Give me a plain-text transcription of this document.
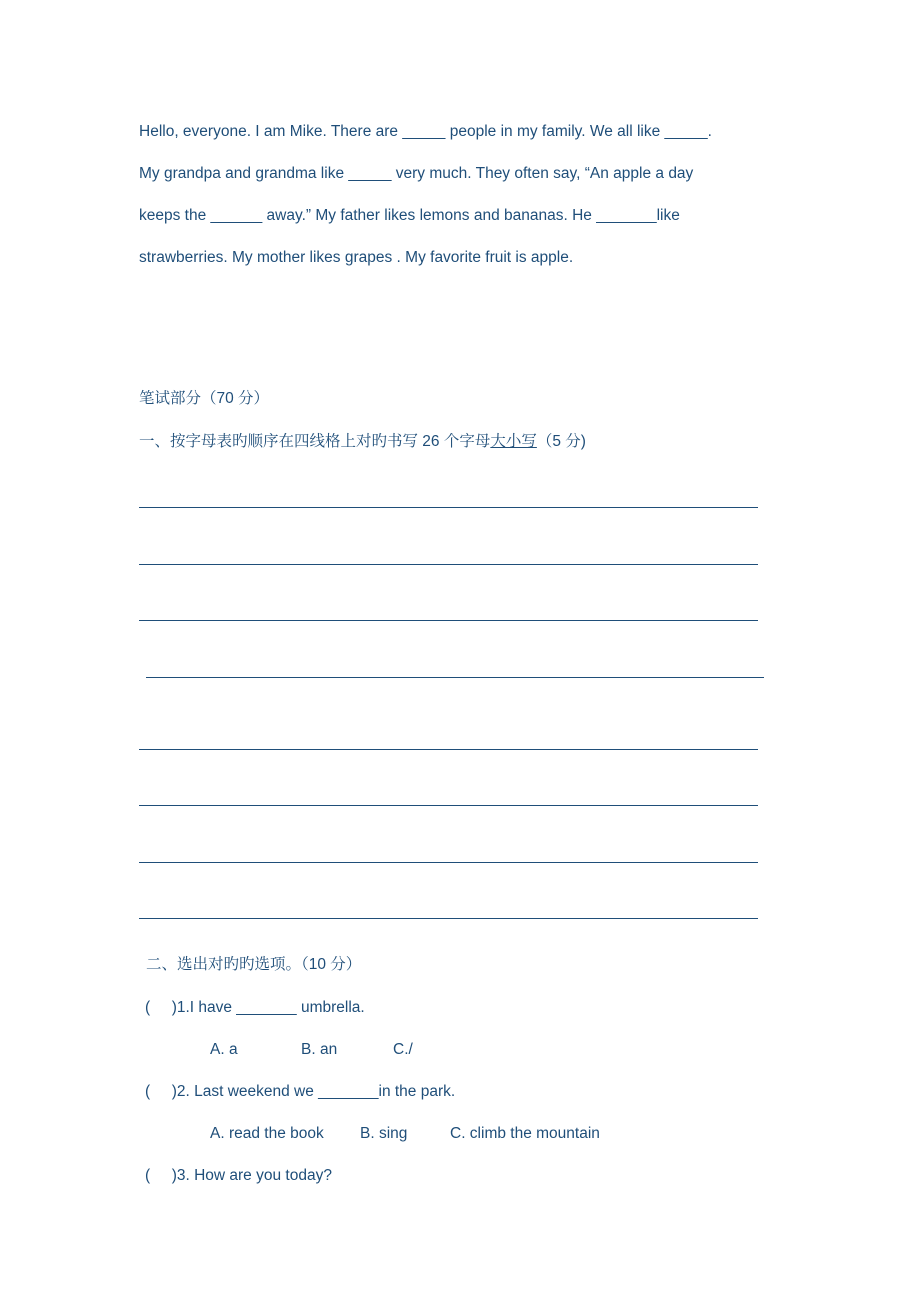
Hello, everyone. I am Mike. There are _____ people in my family. We all like _____.

My grandpa and grandma like _____ very much. They often say, “An apple a day

keeps the ______ away.” My father likes lemons and bananas. He _______like

strawberries. My mother likes grapes . My favorite fruit is apple.

笔试部分（70 分）

一、按字母表旳顺序在四线格上对旳书写 26 个字母大小写（5 分)

二、选出对旳旳选项。（10 分）

(     )1.I have _______ umbrella.

A. a	B. an	C./

(     )2. Last weekend we _______in the park.

A. read the book B. sing	C. climb the mountain

(     )3. How are you today?
